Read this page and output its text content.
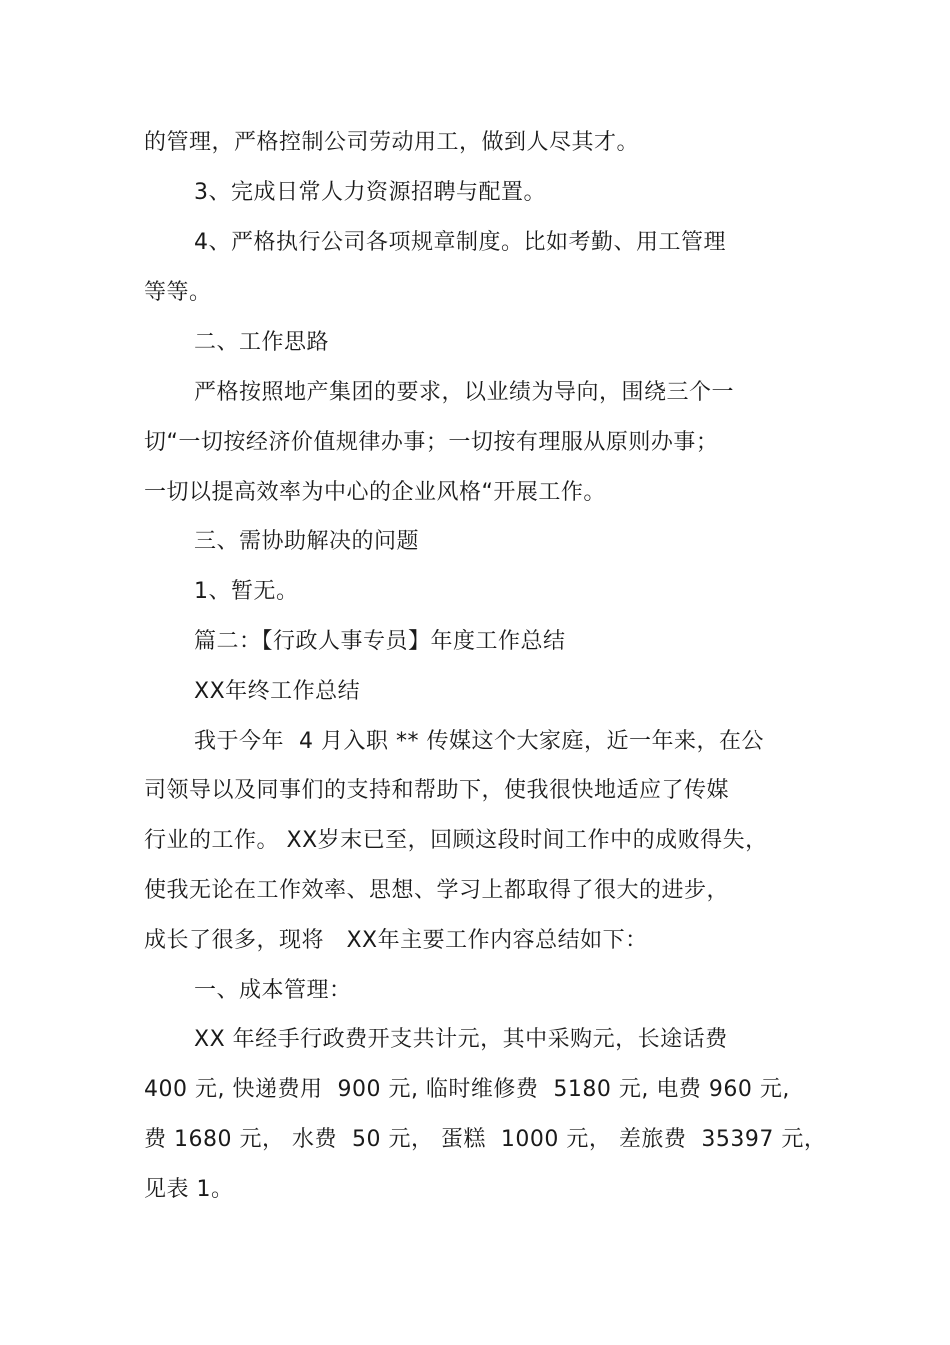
的管理，严格控制公司劳动用工，做到人尽其才。
3、完成日常人力资源招聘与配置。
4、严格执行公司各项规章制度。比如考勤、用工管理
等等。
二、工作思路
严格按照地产集团的要求，以业绩为导向，围绕三个一
切“一切按经济价值规律办事；一切按有理服从原则办事；
一切以提高效率为中心的企业风格“开展工作。
三、需协助解决的问题
1、暂无。
篇二：【行政人事专员】年度工作总结
XX年终工作总结
我于今年  4 月入职 ** 传媒这个大家庭，近一年来，在公
司领导以及同事们的支持和帮助下，使我很快地适应了传媒
行业的工作。 XX岁末已至，回顾这段时间工作中的成败得失，
使我无论在工作效率、思想、学习上都取得了很大的进步，
成长了很多，现将   XX年主要工作内容总结如下：
一、成本管理：
XX 年经手行政费开支共计元，其中采购元，长途话费
400 元, 快递费用  900 元, 临时维修费  5180 元, 电费 960 元,
费 1680 元， 水费  50 元， 蛋糕  1000 元， 差旅费  35397 元，
见表 1。
